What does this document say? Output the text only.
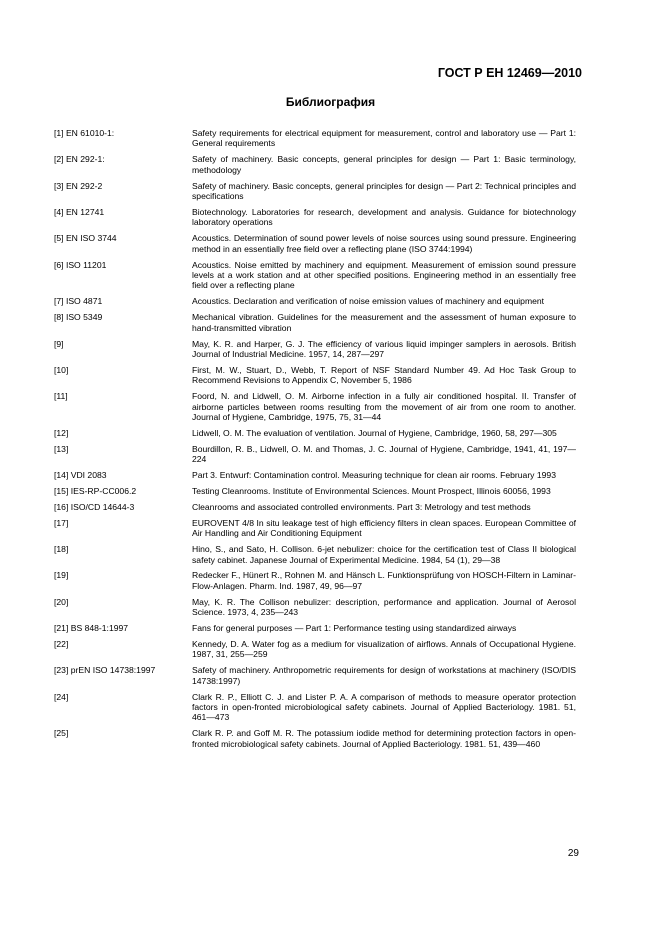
ГОСТ Р ЕН 12469—2010
Библиография
[1] EN 61010-1:	Safety requirements for electrical equipment for measurement, control and laboratory use — Part 1: General requirements
[2] EN 292-1:	Safety of machinery. Basic concepts, general principles for design — Part 1: Basic terminology, methodology
[3] EN 292-2	Safety of machinery. Basic concepts, general principles for design — Part 2: Technical principles and specifications
[4] EN 12741	Biotechnology. Laboratories for research, development and analysis. Guidance for biotechnology laboratory operations
[5] EN ISO 3744	Acoustics. Determination of sound power levels of noise sources using sound pressure. Engineering method in an essentially free field over a reflecting plane (ISO 3744:1994)
[6] ISO 11201	Acoustics. Noise emitted by machinery and equipment. Measurement of emission sound pressure levels at a work station and at other specified positions. Engineering method in an essentially free field over a reflecting plane
[7] ISO 4871	Acoustics. Declaration and verification of noise emission values of machinery and equipment
[8] ISO 5349	Mechanical vibration. Guidelines for the measurement and the assessment of human exposure to hand-transmitted vibration
[9]	May, K. R. and Harper, G. J. The efficiency of various liquid impinger samplers in aerosols. British Journal of Industrial Medicine. 1957, 14, 287—297
[10]	First, M. W., Stuart, D., Webb, T. Report of NSF Standard Number 49. Ad Hoc Task Group to Recommend Revisions to Appendix C, November 5, 1986
[11]	Foord, N. and Lidwell, O. M. Airborne infection in a fully air conditioned hospital. II. Transfer of airborne particles between rooms resulting from the movement of air from one room to another. Journal of Hygiene, Cambridge, 1975, 75, 31—44
[12]	Lidwell, O. M. The evaluation of ventilation. Journal of Hygiene, Cambridge, 1960, 58, 297—305
[13]	Bourdillon, R. B., Lidwell, O. M. and Thomas, J. C. Journal of Hygiene, Cambridge, 1941, 41, 197—224
[14] VDI 2083	Part 3. Entwurf: Contamination control. Measuring technique for clean air rooms. February 1993
[15] IES-RP-CC006.2	Testing Cleanrooms. Institute of Environmental Sciences. Mount Prospect, Illinois 60056, 1993
[16] ISO/CD 14644-3	Cleanrooms and associated controlled environments. Part 3: Metrology and test methods
[17]	EUROVENT 4/8 In situ leakage test of high efficiency filters in clean spaces. European Committee of Air Handling and Air Conditioning Equipment
[18]	Hino, S., and Sato, H. Collison. 6-jet nebulizer: choice for the certification test of Class II biological safety cabinet. Japanese Journal of Experimental Medicine. 1984, 54 (1), 29—38
[19]	Redecker F., Hünert R., Rohnen M. and Hänsch L. Funktionsprüfung von HOSCH-Filtern in Laminar-Flow-Anlagen. Pharm. Ind. 1987, 49, 96—97
[20]	May, K. R. The Collison nebulizer: description, performance and application. Journal of Aerosol Science. 1973, 4, 235—243
[21] BS 848-1:1997	Fans for general purposes — Part 1: Performance testing using standardized airways
[22]	Kennedy, D. A. Water fog as a medium for visualization of airflows. Annals of Occupational Hygiene. 1987, 31, 255—259
[23] prEN ISO 14738:1997	Safety of machinery. Anthropometric requirements for design of workstations at machinery (ISO/DIS 14738:1997)
[24]	Clark R. P., Elliott C. J. and Lister P. A. A comparison of methods to measure operator protection factors in open-fronted microbiological safety cabinets. Journal of Applied Bacteriology. 1981. 51, 461—473
[25]	Clark R. P. and Goff M. R. The potassium iodide method for determining protection factors in open-fronted microbiological safety cabinets. Journal of Applied Bacteriology. 1981. 51, 439—460
29
